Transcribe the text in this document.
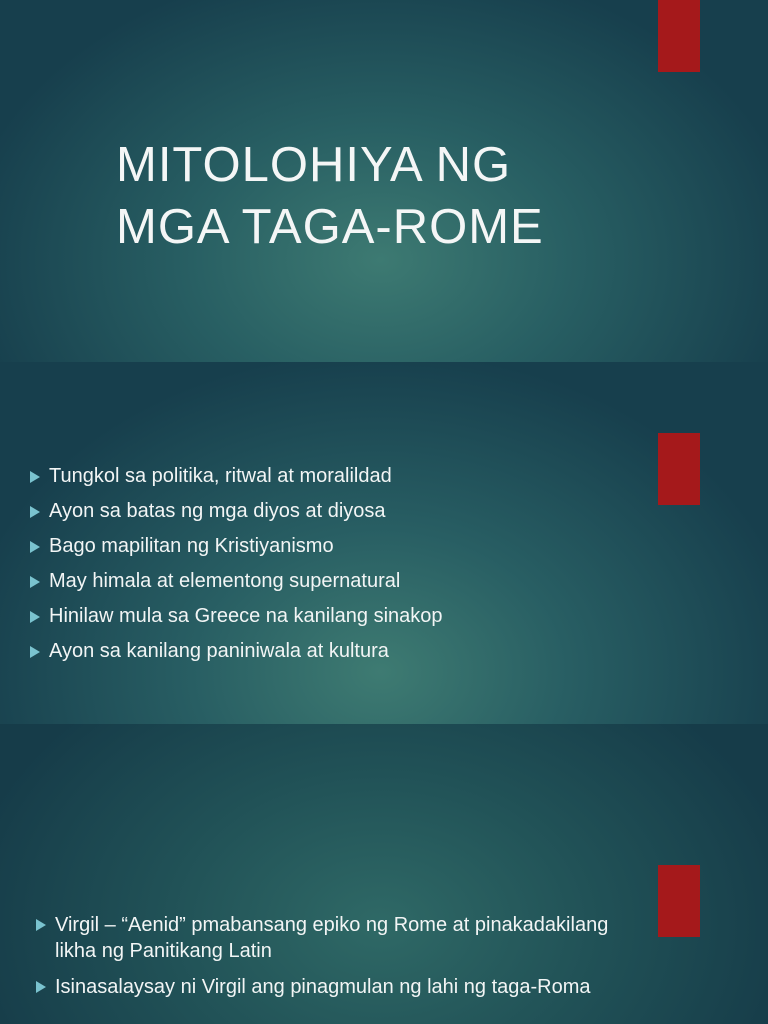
MITOLOHIYA NG
MGA TAGA-ROME
Tungkol sa politika, ritwal at moralildad
Ayon sa batas ng mga diyos at diyosa
Bago mapilitan ng Kristiyanismo
May himala at elementong supernatural
Hinilaw mula sa Greece na kanilang sinakop
Ayon sa kanilang paniniwala at kultura
Virgil – “Aenid” pmabansang epiko ng Rome at pinakadakilang likha ng Panitikang Latin
Isinasalaysay ni Virgil ang pinagmulan ng lahi ng taga-Roma
